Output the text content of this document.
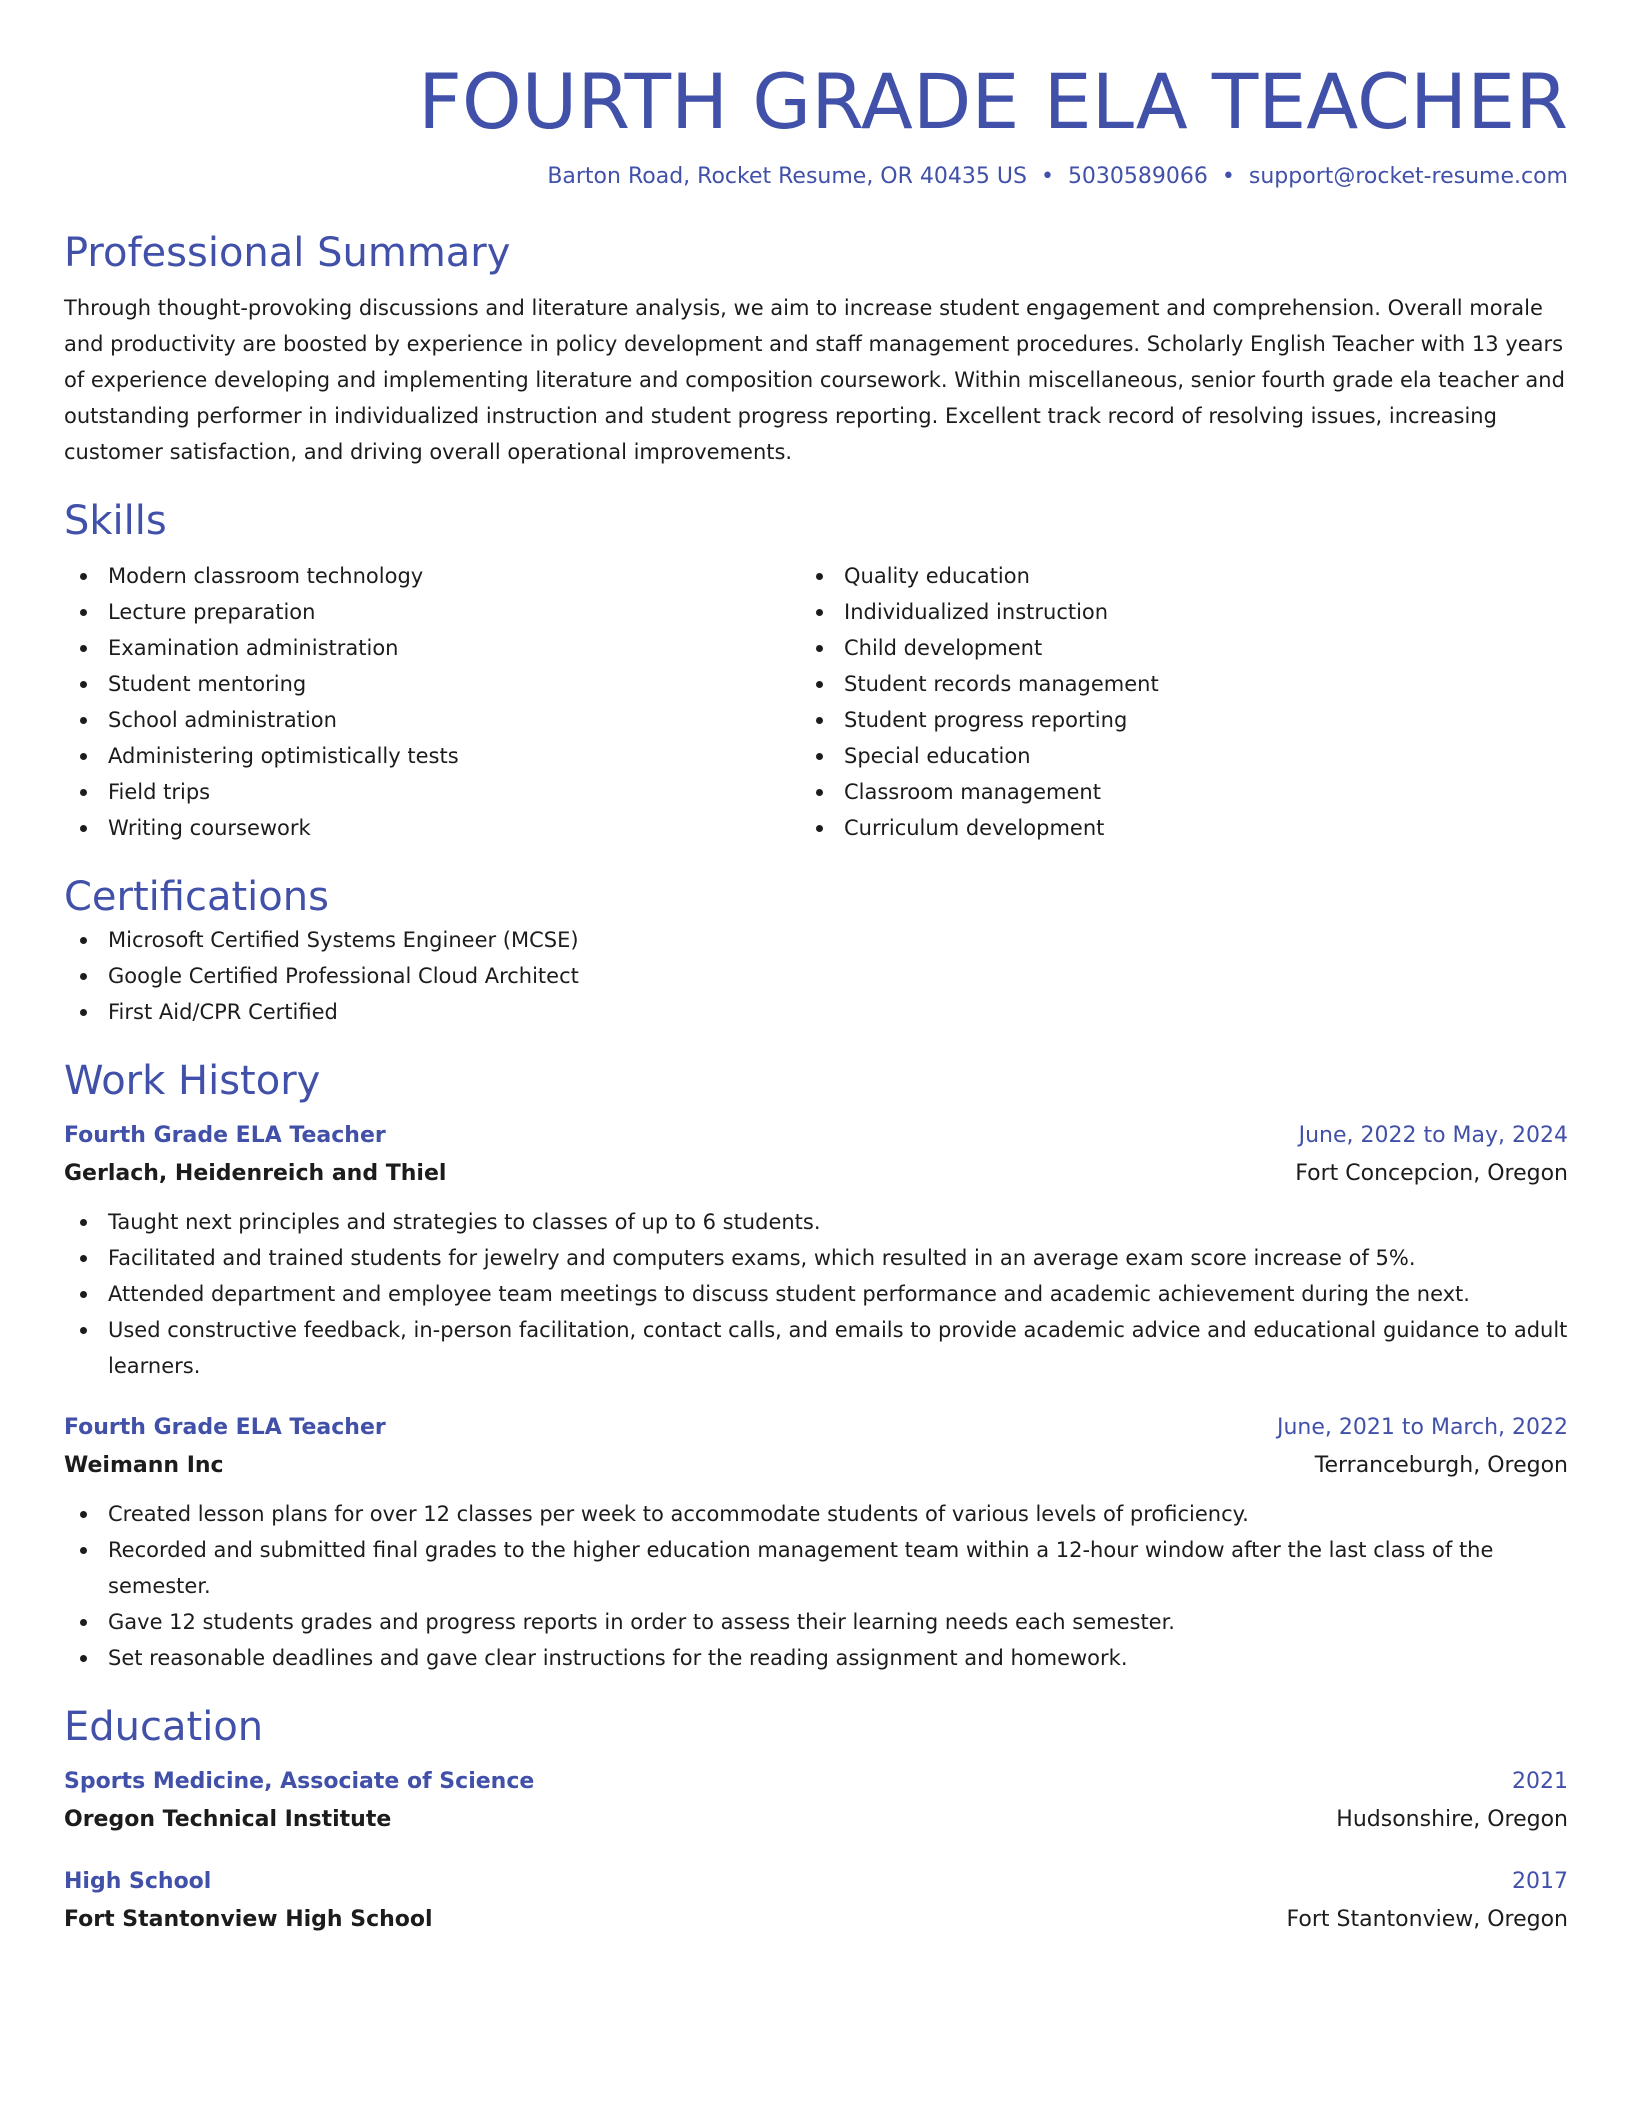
FOURTH GRADE ELA TEACHER
Barton Road, Rocket Resume, OR 40435 US • 5030589066 • support@rocket-resume.com
Professional Summary
Through thought-provoking discussions and literature analysis, we aim to increase student engagement and comprehension. Overall morale and productivity are boosted by experience in policy development and staff management procedures. Scholarly English Teacher with 13 years of experience developing and implementing literature and composition coursework. Within miscellaneous, senior fourth grade ela teacher and outstanding performer in individualized instruction and student progress reporting. Excellent track record of resolving issues, increasing customer satisfaction, and driving overall operational improvements.
Skills
Modern classroom technology
Lecture preparation
Examination administration
Student mentoring
School administration
Administering optimistically tests
Field trips
Writing coursework
Quality education
Individualized instruction
Child development
Student records management
Student progress reporting
Special education
Classroom management
Curriculum development
Certifications
Microsoft Certified Systems Engineer (MCSE)
Google Certified Professional Cloud Architect
First Aid/CPR Certified
Work History
Fourth Grade ELA Teacher	June, 2022 to May, 2024
Gerlach, Heidenreich and Thiel	Fort Concepcion, Oregon
Taught next principles and strategies to classes of up to 6 students.
Facilitated and trained students for jewelry and computers exams, which resulted in an average exam score increase of 5%.
Attended department and employee team meetings to discuss student performance and academic achievement during the next.
Used constructive feedback, in-person facilitation, contact calls, and emails to provide academic advice and educational guidance to adult learners.
Fourth Grade ELA Teacher	June, 2021 to March, 2022
Weimann Inc	Terranceburgh, Oregon
Created lesson plans for over 12 classes per week to accommodate students of various levels of proficiency.
Recorded and submitted final grades to the higher education management team within a 12-hour window after the last class of the semester.
Gave 12 students grades and progress reports in order to assess their learning needs each semester.
Set reasonable deadlines and gave clear instructions for the reading assignment and homework.
Education
Sports Medicine, Associate of Science	2021
Oregon Technical Institute	Hudsonshire, Oregon
High School	2017
Fort Stantonview High School	Fort Stantonview, Oregon
